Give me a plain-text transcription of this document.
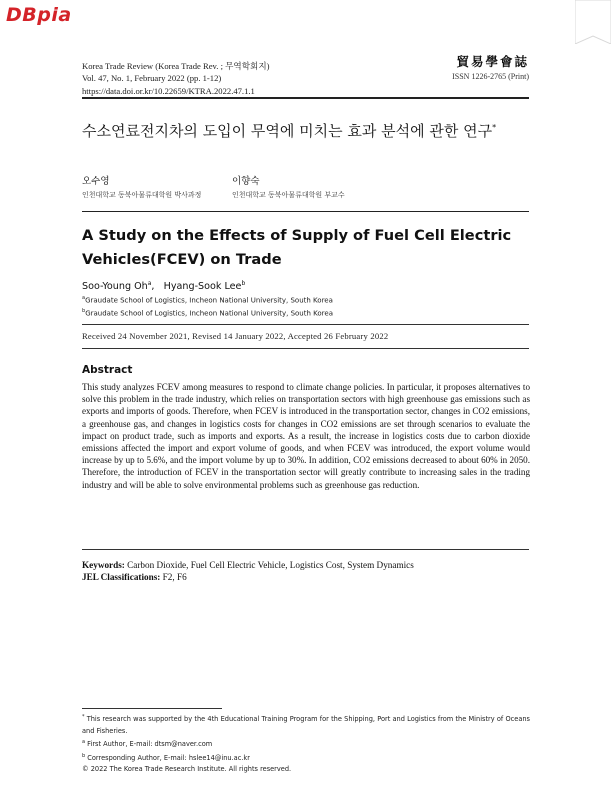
DBpia
Korea Trade Review (Korea Trade Rev. ; 무역학회지)
Vol. 47, No. 1, February 2022 (pp. 1-12)
https://data.doi.or.kr/10.22659/KTRA.2022.47.1.1
貿易學會誌
ISSN 1226-2765 (Print)
수소연료전지차의 도입이 무역에 미치는 효과 분석에 관한 연구*
오수영
인천대학교 동북아물류대학원 박사과정
이향숙
인천대학교 동북아물류대학원 부교수
A Study on the Effects of Supply of Fuel Cell Electric Vehicles(FCEV) on Trade
Soo-Young Oh$^a$, Hyang-Sook Lee$^b$
$^a$Graudate School of Logistics, Incheon National University, South Korea
$^b$Graudate School of Logistics, Incheon National University, South Korea
Received 24 November 2021, Revised 14 January 2022, Accepted 26 February 2022
Abstract
This study analyzes FCEV among measures to respond to climate change policies. In particular, it proposes alternatives to solve this problem in the trade industry, which relies on transportation sectors with high greenhouse gas emissions such as exports and imports of goods. Therefore, when FCEV is introduced in the transportation sector, changes in CO2 emissions, a greenhouse gas, and changes in logistics costs for changes in CO2 emissions are set through scenarios to evaluate the impact on product trade, such as imports and exports. As a result, the increase in logistics costs due to carbon dioxide emissions affected the import and export volume of goods, and when FCEV was introduced, the export volume would increase by up to 5.6%, and the import volume by up to 30%. In addition, CO2 emissions decreased to about 60% in 2050. Therefore, the introduction of FCEV in the transportation sector will greatly contribute to increasing sales in the trading industry and will be able to solve environmental problems such as greenhouse gas reduction.
Keywords: Carbon Dioxide, Fuel Cell Electric Vehicle, Logistics Cost, System Dynamics
JEL Classifications: F2, F6
* This research was supported by the 4th Educational Training Program for the Shipping, Port and Logistics from the Ministry of Oceans and Fisheries.
$^a$ First Author, E-mail: dtsm@naver.com
$^b$ Corresponding Author, E-mail: hslee14@inu.ac.kr
© 2022 The Korea Trade Research Institute. All rights reserved.
